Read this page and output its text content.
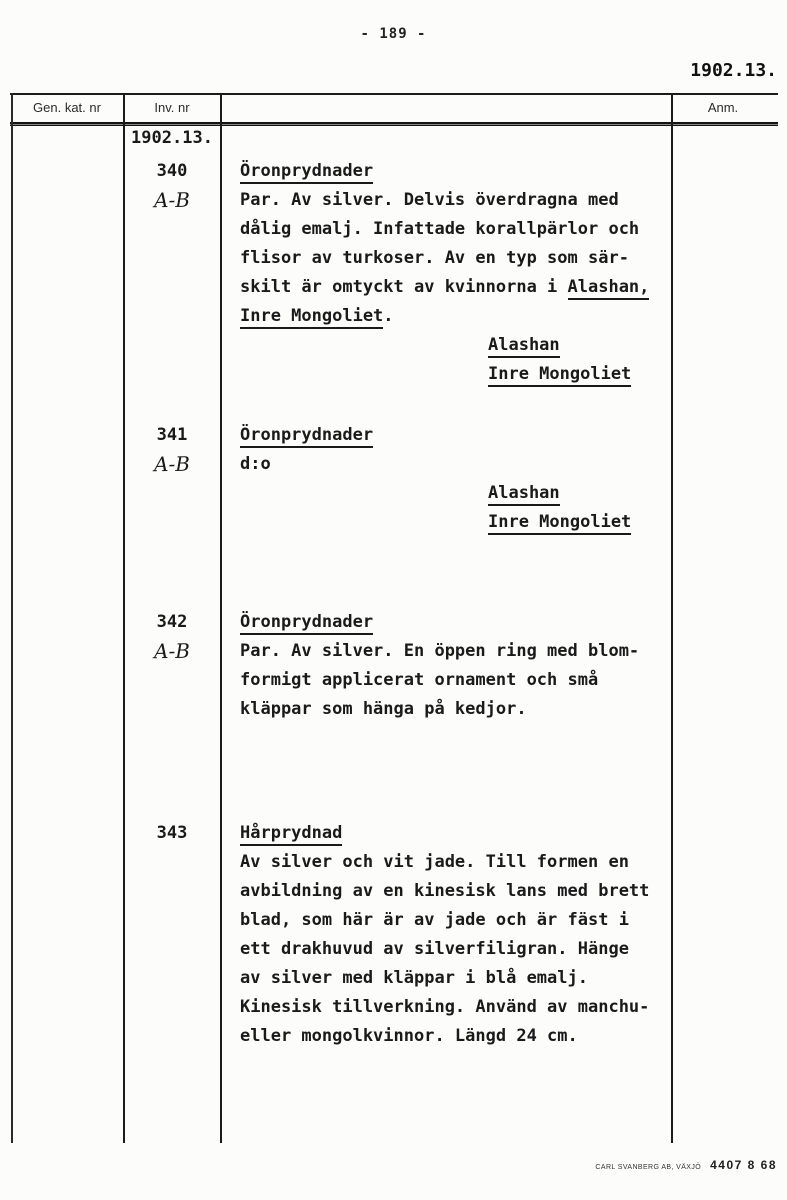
- 189 -
1902.13.
Gen. kat. nr	Inv. nr	Anm.
1902.13.
340
A-B
Öronprydnader
Par. Av silver. Delvis överdragna med
dålig emalj. Infattade korallpärlor och
flisor av turkoser. Av en typ som sär-
skilt är omtyckt av kvinnorna i Alashan,
Inre Mongoliet.
Alashan
Inre Mongoliet
341
A-B
Öronprydnader
d:o
Alashan
Inre Mongoliet
342
A-B
Öronprydnader
Par. Av silver. En öppen ring med blom-
formigt applicerat ornament och små
kläppar som hänga på kedjor.
343	Hårprydnad
Av silver och vit jade. Till formen en
avbildning av en kinesisk lans med brett
blad, som här är av jade och är fäst i
ett drakhuvud av silverfiligran. Hänge
av silver med kläppar i blå emalj.
Kinesisk tillverkning. Använd av manchu-
eller mongolkvinnor. Längd 24 cm.
CARL SVANBERG AB, VÄXJÖ 4407 8 68
